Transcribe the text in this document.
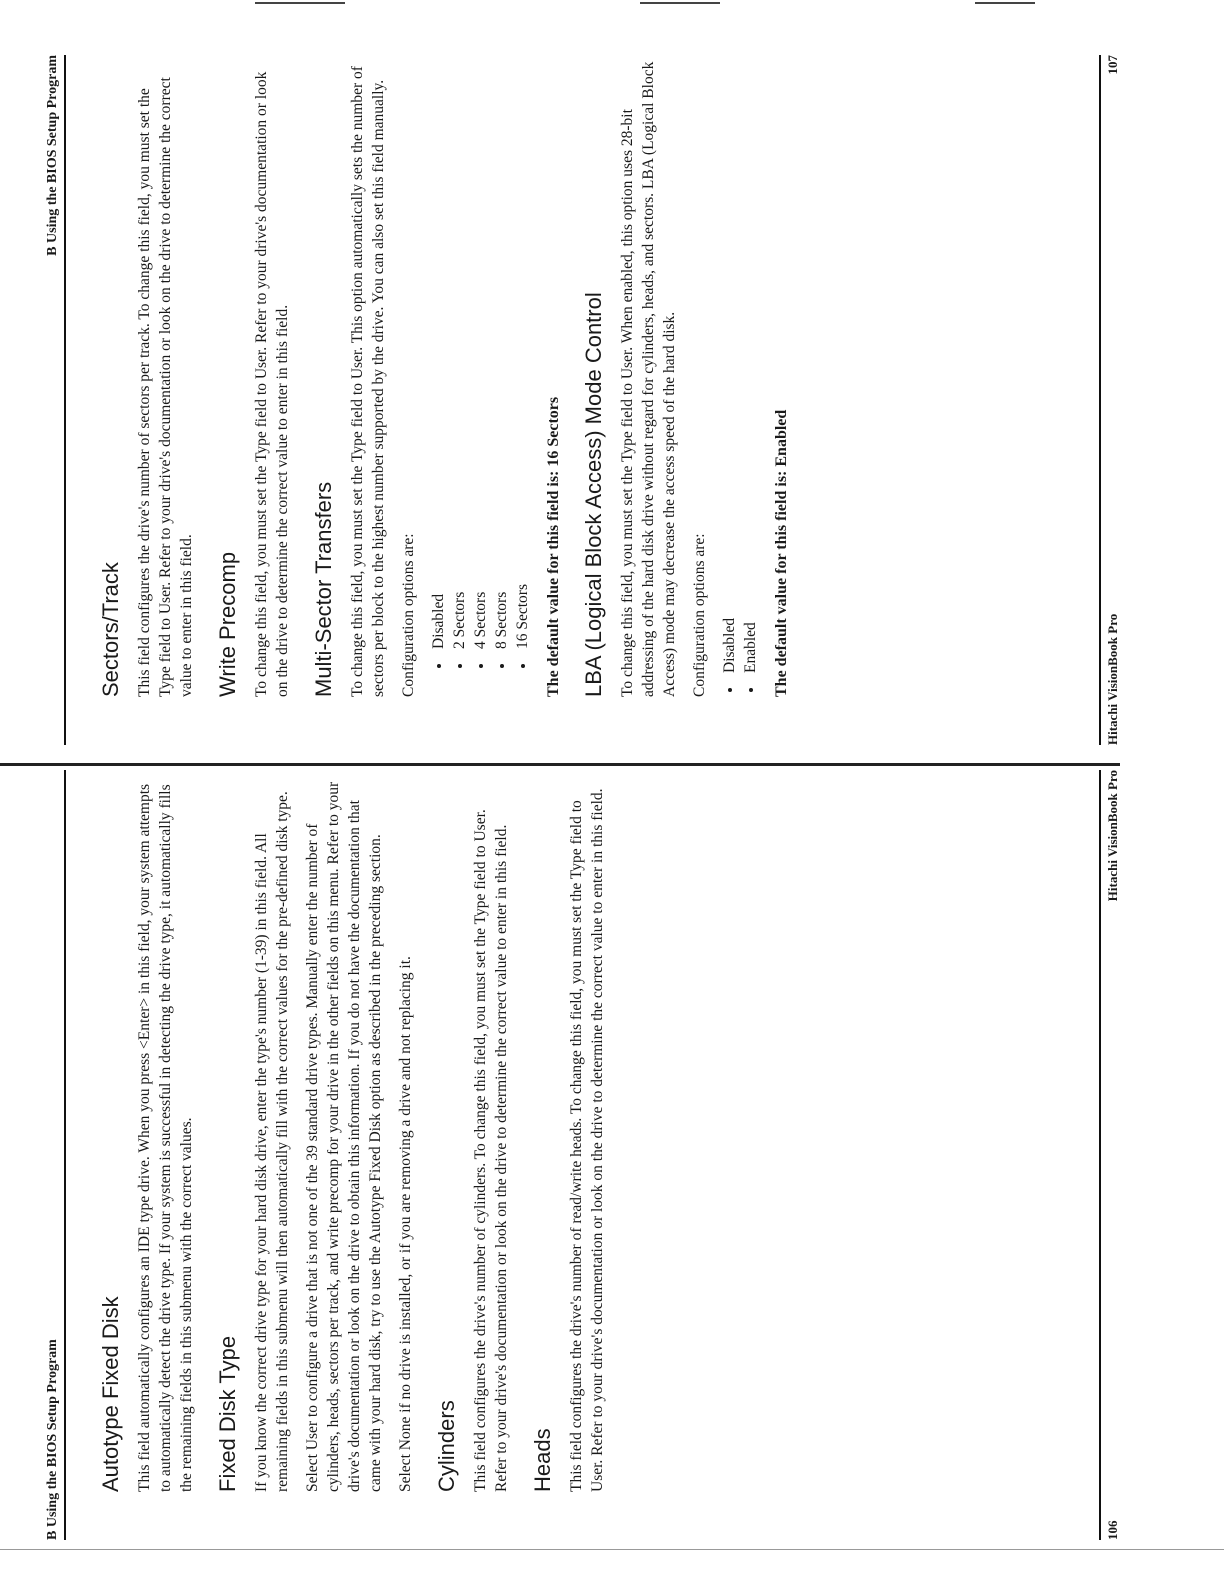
B Using the BIOS Setup Program
Sectors/Track This field configures the drive's number of sectors per track. To change this field, you must set the Type field to User. Refer to your drive's documentation or look on the drive to determine the correct value to enter in this field. Write Precomp To change this field, you must set the Type field to User. Refer to your drive's documentation or look on the drive to determine the correct value to enter in this field. Multi-Sector Transfers To change this field, you must set the Type field to User. This option automatically sets the number of sectors per block to the highest number supported by the drive. You can also set this field manually. Configuration options are: • Disabled • 2 Sectors • 4 Sectors • 8 Sectors • 16 Sectors The default value for this field is: 16 Sectors LBA (Logical Block Access) Mode Control To change this field, you must set the Type field to User. When enabled, this option uses 28-bit addressing of the hard disk drive without regard for cylinders, heads, and sectors. LBA (Logical Block Access) mode may decrease the access speed of the hard disk. Configuration options are: • Disabled • Enabled The default value for this field is: Enabled	Hitachi VisionBook Pro
107
B Using the BIOS Setup Program Autotype Fixed Disk This field automatically configures an IDE type drive. When you press <Enter> in this field, your system attempts to automatically detect the drive type. If your system is successful in detecting the drive type, it automatically fills the remaining fields in this submenu with the correct values. Fixed Disk Type If you know the correct drive type for your hard disk drive, enter the type's number (1-39) in this field. All remaining fields in this submenu will then automatically fill with the correct values for the pre-defined disk type. Select User to configure a drive that is not one of the 39 standard drive types. Manually enter the number of cylinders, heads, sectors per track, and write precomp for your drive in the other fields on this menu. Refer to your drive's documentation or look on the drive to obtain this information. If you do not have the documentation that came with your hard disk, try to use the Autotype Fixed Disk option as described in the preceding section. Select None if no drive is installed, or if you are removing a drive and not replacing it. Cylinders This field configures the drive's number of cylinders. To change this field, you must set the Type field to User. Refer to your drive's documentation or look on the drive to determine the correct value to enter in this field. Heads This field configures the drive's number of read/write heads. To change this field, you must set the Type field to User. Refer to your drive's documentation or look on the drive to determine the correct value to enter in this field.

106
Hitachi VisionBook Pro
